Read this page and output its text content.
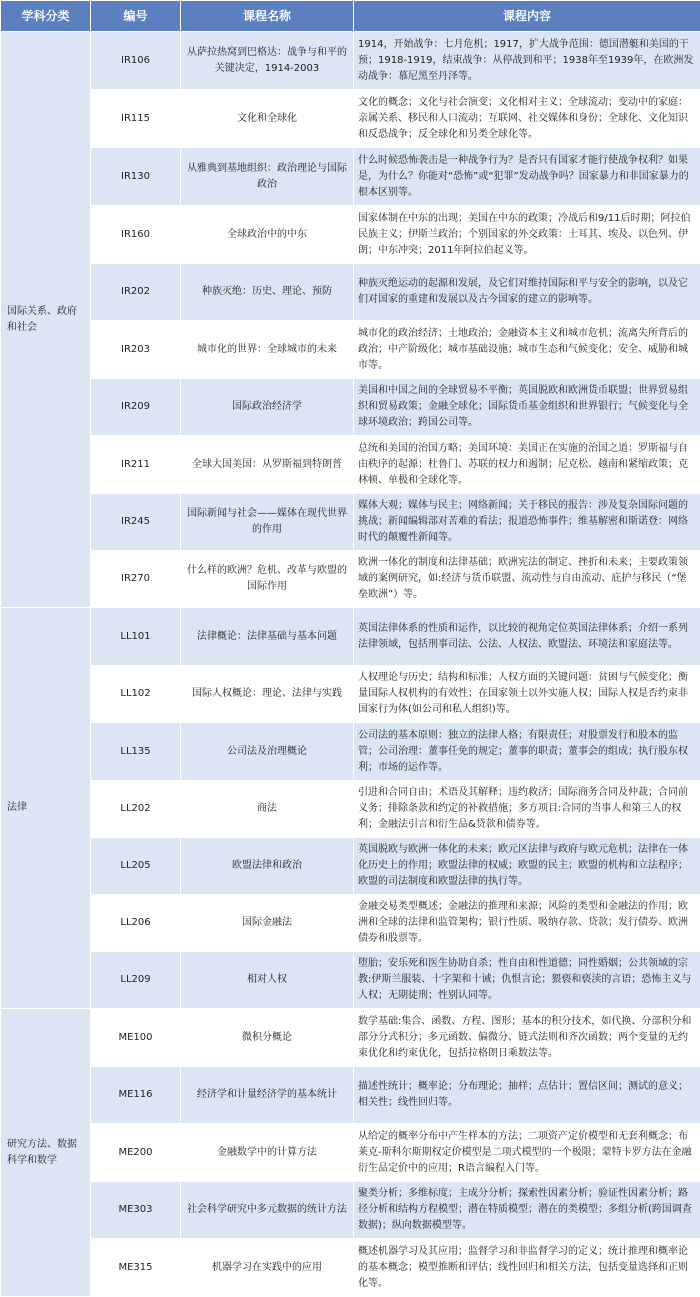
学科分类	编号	课程名称	课程内容
国际关系、政府和社会	IR106	从萨拉热窝到巴格达：战争与和平的关键决定，1914-2003	1914，开始战争：七月危机；1917，扩大战争范围：德国潜艇和美国的干预；1918-1919，结束战争：从停战到和平；1938年至1939年，在欧洲发动战争：慕尼黑至丹泽等。
	IR115	文化和全球化	文化的概念；文化与社会演变；文化相对主义；全球流动；变动中的家庭：亲属关系、移民和人口流动；互联网、社交媒体和身份；全球化、文化知识和反恐战争；反全球化和另类全球化等。
	IR130	从雅典到基地组织：政治理论与国际政治	什么时候恐怖袭击是一种战争行为？是否只有国家才能行使战争权利？如果是，为什么？你能对“恐怖”或“犯罪”发动战争吗？国家暴力和非国家暴力的根本区别等。
	IR160	全球政治中的中东	国家体制在中东的出现；美国在中东的政策；冷战后和9/11后时期；阿拉伯民族主义；伊斯兰政治；个别国家的外交政策：土耳其、埃及、以色列、伊朗；中东冲突；2011年阿拉伯起义等。
	IR202	种族灭绝：历史、理论、预防	种族灭绝运动的起源和发展，及它们对维持国际和平与安全的影响，以及它们对国家的重建和发展以及古今国家的建立的影响等。
	IR203	城市化的世界：全球城市的未来	城市化的政治经济；土地政治；金融资本主义和城市危机；流离失所背后的政治；中产阶级化；城市基础设施；城市生态和气候变化；安全、威胁和城市等。
	IR209	国际政治经济学	美国和中国之间的全球贸易不平衡；英国脱欧和欧洲货币联盟；世界贸易组织和贸易政策；金融全球化；国际货币基金组织和世界银行；气候变化与全球环境政治；跨国公司等。
	IR211	全球大国美国：从罗斯福到特朗普	总统和美国的治国方略；美国环境：美国正在实施的治国之道：罗斯福与自由秩序的起源；杜鲁门、苏联的权力和遏制；尼克松、越南和紧缩政策；克林顿、单极和全球化等。
	IR245	国际新闻与社会——媒体在现代世界的作用	媒体大观；媒体与民主；网络新闻；关于移民的报告：涉及复杂国际问题的挑战；新闻编辑部对苦难的看法；报道恐怖事件；维基解密和斯诺登：网络时代的颠覆性新闻等。
	IR270	什么样的欧洲？危机、改革与欧盟的国际作用	欧洲一体化的制度和法律基础；欧洲宪法的制定、挫折和未来；主要政策领域的案例研究，如:经济与货币联盟、流动性与自由流动、庇护与移民（“堡垒欧洲”）等。
法律	LL101	法律概论：法律基础与基本问题	英国法律体系的性质和运作，以比较的视角定位英国法律体系；介绍一系列法律领域，包括刑事司法、公法、人权法、欧盟法、环境法和家庭法等。
	LL102	国际人权概论：理论、法律与实践	人权理论与历史；结构和标准；人权方面的关键问题：贫困与气候变化；衡量国际人权机构的有效性；在国家领土以外实施人权；国际人权是否约束非国家行为体(如公司和私人组织)等。
	LL135	公司法及治理概论	公司法的基本原则：独立的法律人格；有限责任；对股票发行和股本的监管；公司治理：董事任免的规定；董事的职责；董事会的组成；执行股东权利；市场的运作等。
	LL202	商法	引进和合同自由；术语及其解释；违约救济；国际商务合同及仲裁；合同前义务；排除条款和约定的补救措施；多方项目:合同的当事人和第三人的权利；金融法引言和衍生品&贷款和债券等。
	LL205	欧盟法律和政治	英国脱欧与欧洲一体化的未来；欧元区法律与政府与欧元危机；法律在一体化历史上的作用；欧盟法律的权威；欧盟的民主；欧盟的机构和立法程序；欧盟的司法制度和欧盟法律的执行等。
	LL206	国际金融法	金融交易类型概述；金融法的推理和来源；风险的类型和金融法的作用；欧洲和全球的法律和监管架构；银行性质、吸纳存款、贷款；发行债券、欧洲债券和股票等。
	LL209	相对人权	堕胎；安乐死和医生协助自杀；性自由和性道德；同性婚姻；公共领域的宗教:伊斯兰服装、十字架和十诫；仇恨言论；猥亵和亵渎的言语；恐怖主义与人权；无期徒刑；性别认同等。
研究方法、数据科学和数学	ME100	微积分概论	数学基础:集合、函数、方程、图形；基本的积分技术，如代换、分部积分和部分分式积分；多元函数、偏微分、链式法则和齐次函数；两个变量的无约束优化和约束优化，包括拉格朗日乘数法等。
	ME116	经济学和计量经济学的基本统计	描述性统计；概率论；分布理论；抽样；点估计；置信区间；测试的意义；相关性；线性回归等。
	ME200	金融数学中的计算方法	从给定的概率分布中产生样本的方法；二项资产定价模型和无套利概念；布莱克-斯科尔斯期权定价模型是二项式模型的一个极限；蒙特卡罗方法在金融衍生品定价中的应用；R语言编程入门等。
	ME303	社会科学研究中多元数据的统计方法	聚类分析；多维标度；主成分分析；探索性因素分析；验证性因素分析；路径分析和结构方程模型；潜在特质模型；潜在的类模型；多组分析(跨国调查数据)；纵向数据模型等。
	ME315	机器学习在实践中的应用	概述机器学习及其应用；监督学习和非监督学习的定义；统计推理和概率论的基本概念；模型推断和评估；线性回归和相关方法，包括变量选择和正则化等。
